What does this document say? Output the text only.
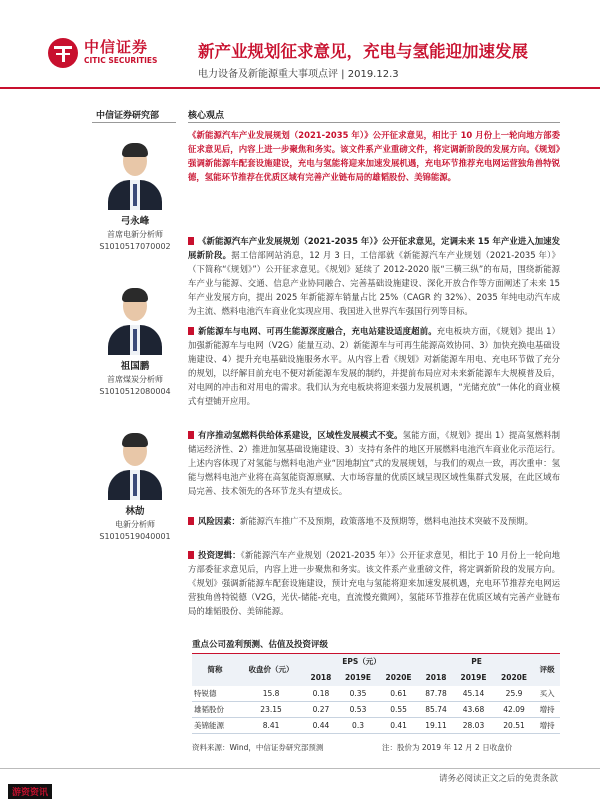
中信证券
CITIC SECURITIES 新产业规划征求意见，充电与氢能迎加速发展
电力设备及新能源重大事项点评 | 2019.12.3
中信证券研究部
弓永峰
首席电新分析师
S1010517070002
祖国鹏
首席煤炭分析师
S1010512080004
林劼
电新分析师
S1010519040001
核心观点
《新能源汽车产业发展规划（2021-2035 年）》公开征求意见，相比于 10 月份上一轮向地方部委征求意见后，内容上进一步聚焦和务实。该文件系产业重磅文件，将定调新阶段的发展方向。《规划》强调新能源车配套设施建设，充电与氢能将迎来加速发展机遇，充电环节推荐充电网运营独角兽特锐德，氢能环节推荐在优质区域有完善产业链布局的雄韬股份、美锦能源。
《新能源汽车产业发展规划（2021-2035 年）》公开征求意见，定调未来 15 年产业进入加速发展新阶段。据工信部网站消息，12 月 3 日，工信部就《新能源汽车产业规划（2021-2035 年）》（下简称“《规划》”）公开征求意见。《规划》延续了 2012-2020 版“三横三纵”的布局，围绕新能源车产业与能源、交通、信息产业协同融合、完善基础设施建设、深化开放合作等方面阐述了未来 15 年产业发展方向，提出 2025 年新能源车销量占比 25%（CAGR 约 32%）、2035 年纯电动汽车成为主流、燃料电池汽车商业化实现应用、我国进入世界汽车强国行列等目标。
新能源车与电网、可再生能源深度融合，充电站建设适度超前。充电板块方面，《规划》提出 1）加强新能源车与电网（V2G）能量互动、2）新能源车与可再生能源高效协同、3）加快充换电基础设施建设、4）提升充电基础设施服务水平。从内容上看《规划》对新能源车用电、充电环节做了充分的规划，以纾解目前充电不便对新能源车发展的制约，并提前布局应对未来新能源车大规模普及后，对电网的冲击和对用电的需求。我们认为充电板块将迎来强力发展机遇，“光储充放”一体化的商业模式有望铺开应用。
有序推动氢燃料供给体系建设，区域性发展模式不变。氢能方面，《规划》提出 1）提高氢燃料制储运经济性、2）推进加氢基础设施建设、3）支持有条件的地区开展燃料电池汽车商业化示范运行。上述内容体现了对氢能与燃料电池产业“因地制宜”式的发展规划，与我们的观点一致，再次重申：氢能与燃料电池产业将在高氢能资源禀赋、大市场容量的优质区域呈现区域性集群式发展，在此区域布局完善、技术领先的各环节龙头有望成长。
风险因素：新能源汽车推广不及预期，政策落地不及预期等，燃料电池技术突破不及预期。
投资逻辑：《新能源汽车产业规划（2021-2035 年）》公开征求意见，相比于 10 月份上一轮向地方部委征求意见后，内容上进一步聚焦和务实。该文件系产业重磅文件，将定调新阶段的发展方向。《规划》强调新能源车配套设施建设，预计充电与氢能将迎来加速发展机遇，充电环节推荐充电网运营独角兽特锐德（V2G，光伏-储能-充电，直流慢充微网），氢能环节推荐在优质区域有完善产业链布局的雄韬股份、美锦能源。
重点公司盈利预测、估值及投资评级
简称	收盘价（元）	EPS（元）			PE			评级
		2018	2019E	2020E	2018	2019E	2020E	
特锐德	15.8	0.18	0.35	0.61	87.78	45.14	25.9	买入
雄韬股份	23.15	0.27	0.53	0.55	85.74	43.68	42.09	增持
美锦能源	8.41	0.44	0.3	0.41	19.11	28.03	20.51	增持
资料来源：Wind，中信证券研究部预测	注：股价为 2019 年 12 月 2 日收盘价
请务必阅读正文之后的免责条款
游资资讯
